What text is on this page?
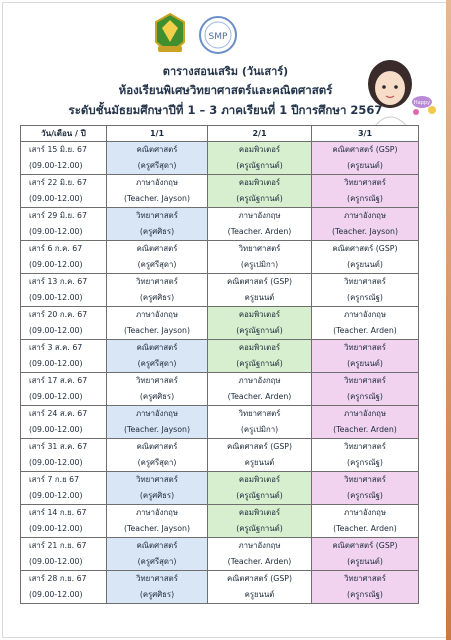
SMP
Happy
ตารางสอนเสริม (วันเสาร์)
ห้องเรียนพิเศษวิทยาศาสตร์และคณิตศาสตร์
ระดับชั้นมัธยมศึกษาปีที่ 1 – 3 ภาคเรียนที่ 1 ปีการศึกษา 2567
วัน/เดือน / ปี	1/1	2/1	3/1
เสาร์ 15 มิ.ย. 67	คณิตศาสตร์	คอมพิวเตอร์	คณิตศาสตร์ (GSP)
(09.00-12.00)	(ครูศรีสุดา)	(ครูณัฐกานต์)	(ครูยนนต์)
เสาร์ 22 มิ.ย. 67	ภาษาอังกฤษ	คอมพิวเตอร์	วิทยาศาสตร์
(09.00-12.00)	(Teacher. Jayson)	(ครูณัฐกานต์)	(ครูกรณัฐ)
เสาร์ 29 มิ.ย. 67	วิทยาศาสตร์	ภาษาอังกฤษ	ภาษาอังกฤษ
(09.00-12.00)	(ครูศศิธร)	(Teacher. Arden)	(Teacher. Jayson)
เสาร์ 6 ก.ค. 67	คณิตศาสตร์	วิทยาศาสตร์	คณิตศาสตร์ (GSP)
(09.00-12.00)	(ครูศรีสุดา)	(ครูเปมิกา)	(ครูยนนต์)
เสาร์ 13 ก.ค. 67	วิทยาศาสตร์	คณิตศาสตร์ (GSP)	วิทยาศาสตร์
(09.00-12.00)	(ครูศศิธร)	ครูยนนต์	(ครูกรณัฐ)
เสาร์ 20 ก.ค. 67	ภาษาอังกฤษ	คอมพิวเตอร์	ภาษาอังกฤษ
(09.00-12.00)	(Teacher. Jayson)	(ครูณัฐกานต์)	(Teacher. Arden)
เสาร์ 3 ส.ค. 67	คณิตศาสตร์	คอมพิวเตอร์	วิทยาศาสตร์
(09.00-12.00)	(ครูศรีสุดา)	(ครูณัฐกานต์)	(ครูยนนต์)
เสาร์ 17 ส.ค. 67	วิทยาศาสตร์	ภาษาอังกฤษ	วิทยาศาสตร์
(09.00-12.00)	(ครูศศิธร)	(Teacher. Arden)	(ครูกรณัฐ)
เสาร์ 24 ส.ค. 67	ภาษาอังกฤษ	วิทยาศาสตร์	ภาษาอังกฤษ
(09.00-12.00)	(Teacher. Jayson)	(ครูเปมิกา)	(Teacher. Arden)
เสาร์ 31 ส.ค. 67	คณิตศาสตร์	คณิตศาสตร์ (GSP)	วิทยาศาสตร์
(09.00-12.00)	(ครูศรีสุดา)	ครูยนนต์	(ครูกรณัฐ)
เสาร์ 7 ก.ย 67	วิทยาศาสตร์	คอมพิวเตอร์	วิทยาศาสตร์
(09.00-12.00)	(ครูศศิธร)	(ครูณัฐกานต์)	(ครูกรณัฐ)
เสาร์ 14 ก.ย. 67	ภาษาอังกฤษ	คอมพิวเตอร์	ภาษาอังกฤษ
(09.00-12.00)	(Teacher. Jayson)	(ครูณัฐกานต์)	(Teacher. Arden)
เสาร์ 21 ก.ย. 67	คณิตศาสตร์	ภาษาอังกฤษ	คณิตศาสตร์ (GSP)
(09.00-12.00)	(ครูศรีสุดา)	(Teacher. Arden)	(ครูยนนต์)
เสาร์ 28 ก.ย. 67	วิทยาศาสตร์	คณิตศาสตร์ (GSP)	วิทยาศาสตร์
(09.00-12.00)	(ครูศศิธร)	ครูยนนต์	(ครูกรณัฐ)
